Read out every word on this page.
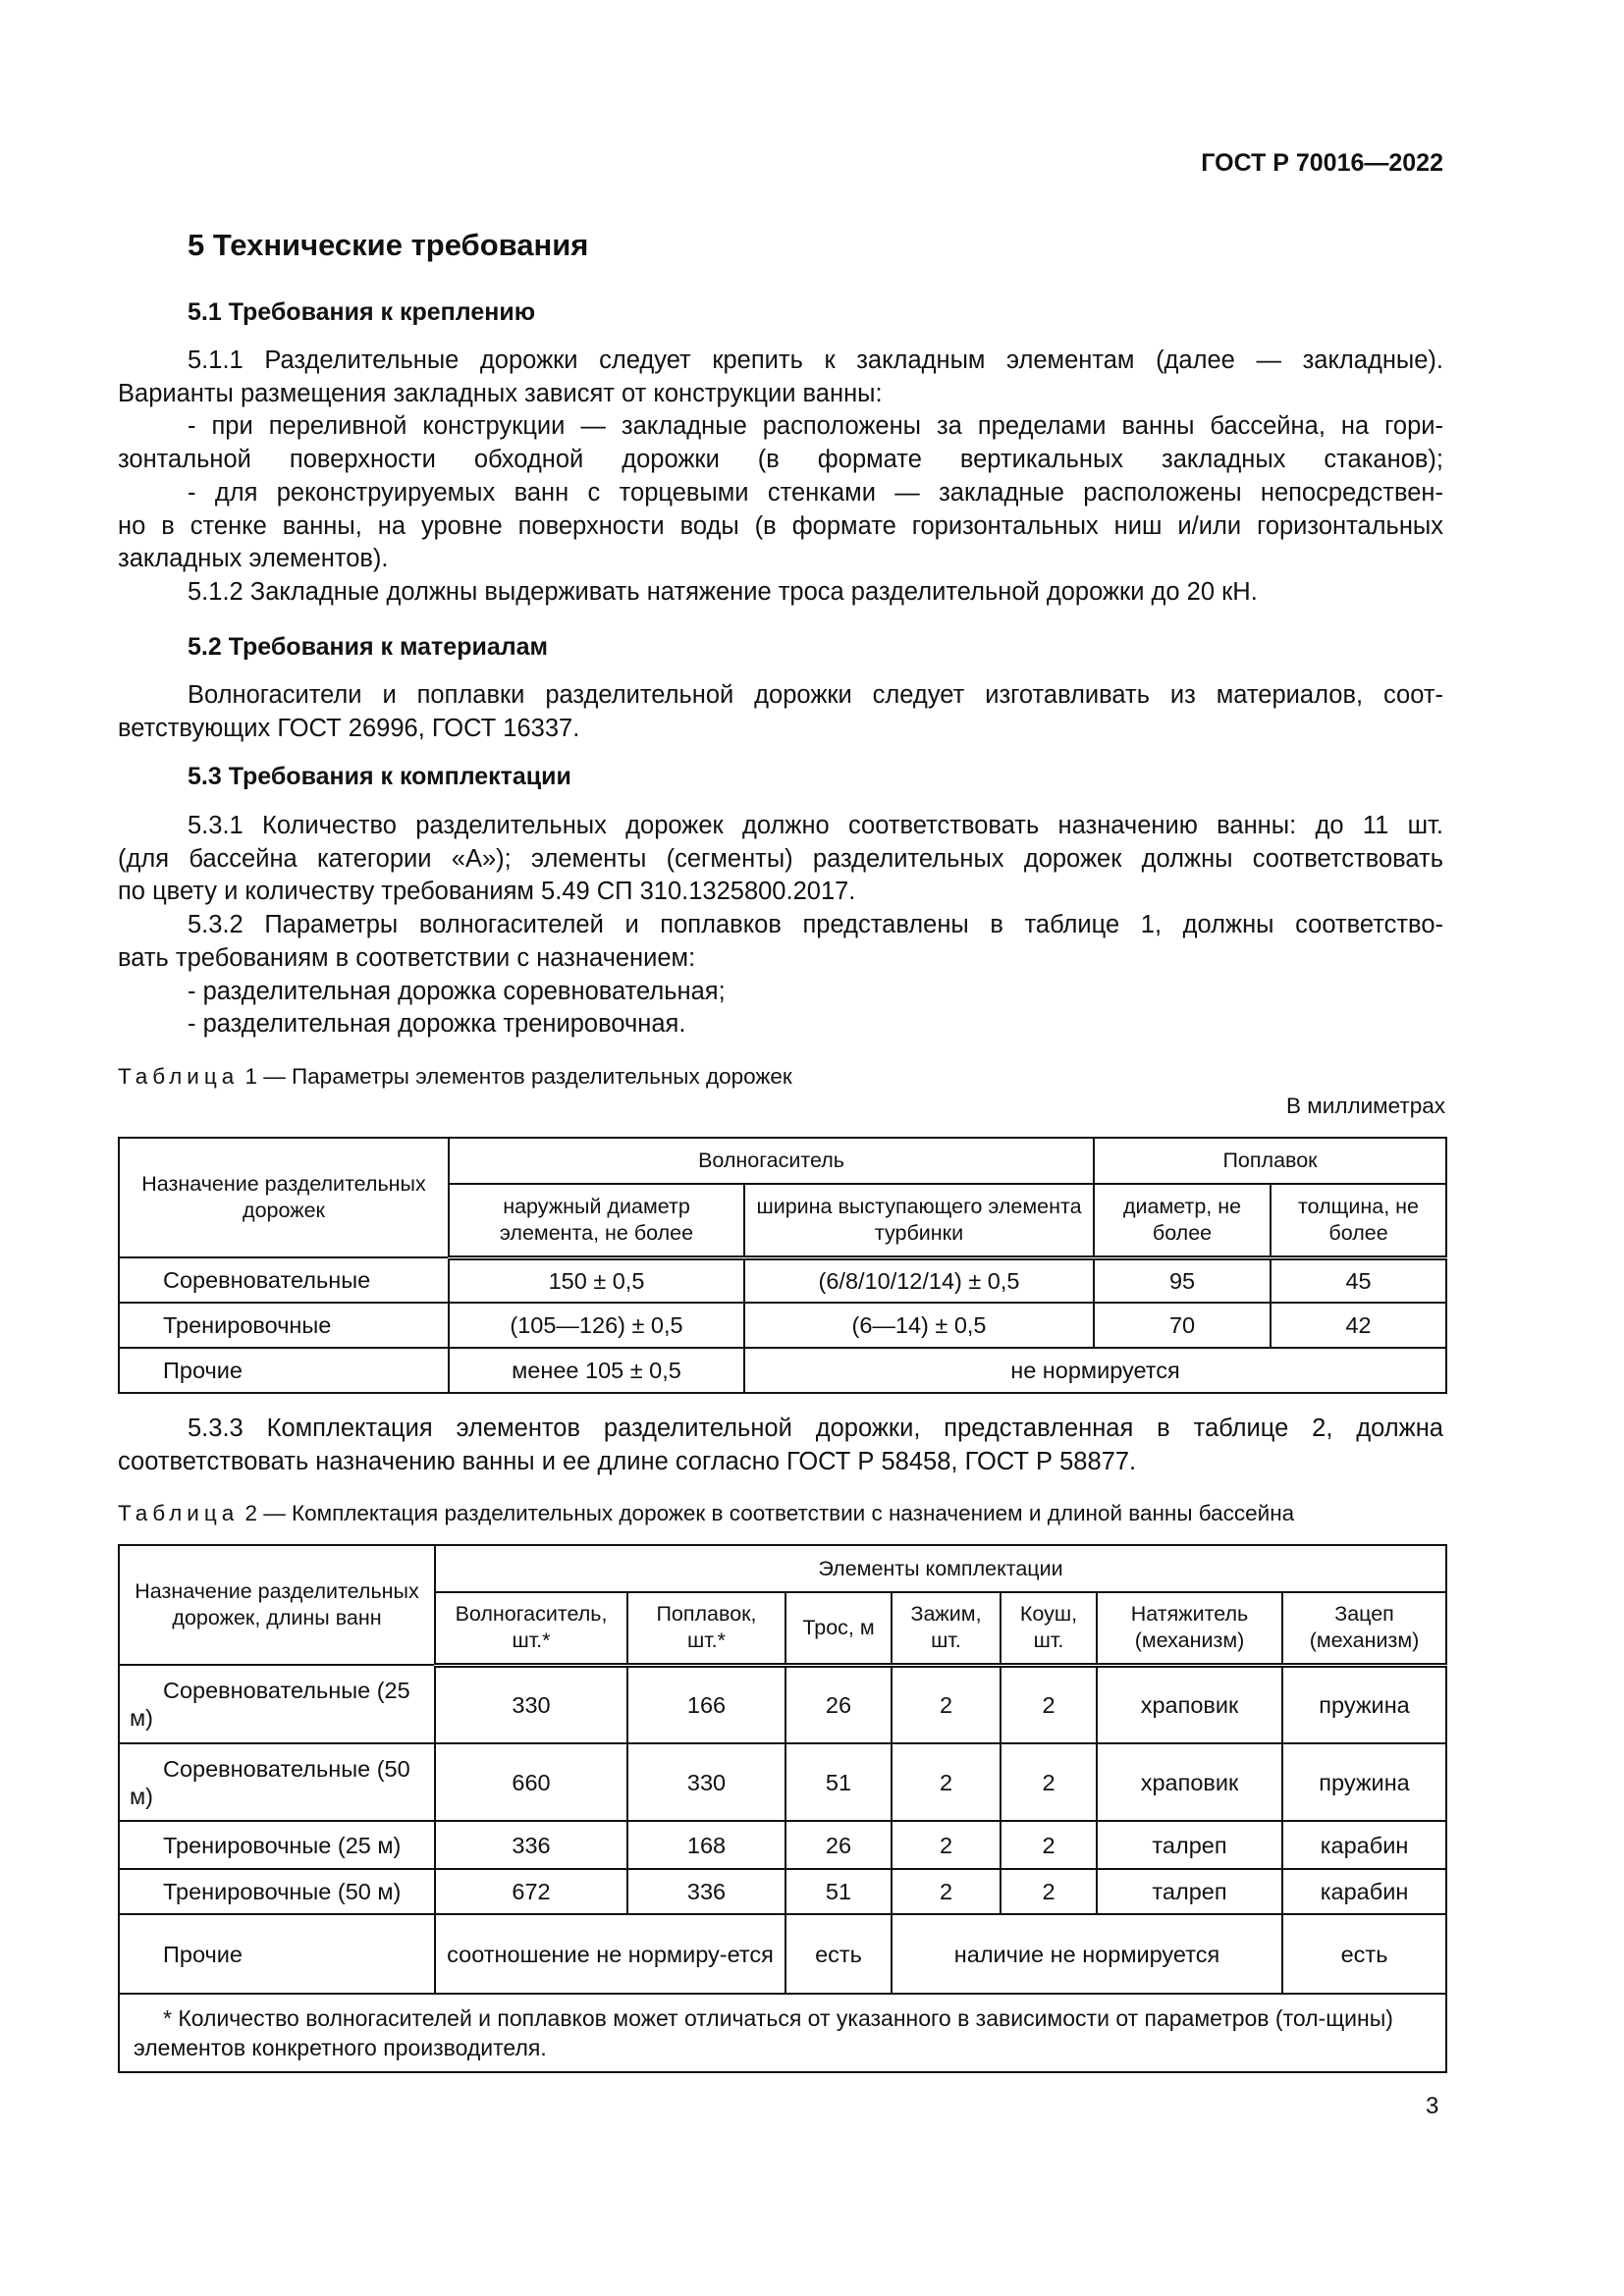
ГОСТ Р 70016—2022
5 Технические требования
5.1 Требования к креплению
5.1.1 Разделительные дорожки следует крепить к закладным элементам (далее — закладные).
Варианты размещения закладных зависят от конструкции ванны:
- при переливной конструкции — закладные расположены за пределами ванны бассейна, на гори-
зонтальной поверхности обходной дорожки (в формате вертикальных закладных стаканов);
- для реконструируемых ванн с торцевыми стенками — закладные расположены непосредствен-
но в стенке ванны, на уровне поверхности воды (в формате горизонтальных ниш и/или горизонтальных
закладных элементов).
5.1.2 Закладные должны выдерживать натяжение троса разделительной дорожки до 20 кН.
5.2 Требования к материалам
Волногасители и поплавки разделительной дорожки следует изготавливать из материалов, соот-
ветствующих ГОСТ 26996, ГОСТ 16337.
5.3 Требования к комплектации
5.3.1 Количество разделительных дорожек должно соответствовать назначению ванны: до 11 шт.
(для бассейна категории «А»); элементы (сегменты) разделительных дорожек должны соответствовать
по цвету и количеству требованиям 5.49 СП 310.1325800.2017.
5.3.2 Параметры волногасителей и поплавков представлены в таблице 1, должны соответство-
вать требованиям в соответствии с назначением:
- разделительная дорожка соревновательная;
- разделительная дорожка тренировочная.
Таблица 1 — Параметры элементов разделительных дорожек
В миллиметрах
Назначение разделительных дорожек	Волногаситель		Поплавок	
	наружный диаметр элемента, не более	ширина выступающего элемента турбинки	диаметр, не более	толщина, не более
Соревновательные	150 ± 0,5	(6/8/10/12/14) ± 0,5	95	45
Тренировочные	(105—126) ± 0,5	(6—14) ± 0,5	70	42
Прочие	менее 105 ± 0,5	не нормируется		
5.3.3 Комплектация элементов разделительной дорожки, представленная в таблице 2, должна
соответствовать назначению ванны и ее длине согласно ГОСТ Р 58458, ГОСТ Р 58877.
Таблица 2 — Комплектация разделительных дорожек в соответствии с назначением и длиной ванны бассейна
Назначение разделительных дорожек, длины ванн	Элементы комплектации						
	Волногаситель, шт.*	Поплавок, шт.*	Трос, м	Зажим, шт.	Коуш, шт.	Натяжитель (механизм)	Зацеп (механизм)
Соревновательные (25 м)	330	166	26	2	2	храповик	пружина
Соревновательные (50 м)	660	330	51	2	2	храповик	пружина
Тренировочные (25 м)	336	168	26	2	2	талреп	карабин
Тренировочные (50 м)	672	336	51	2	2	талреп	карабин
Прочие	соотношение не нормиру-ется		есть	наличие не нормируется			есть
* Количество волногасителей и поплавков может отличаться от указанного в зависимости от параметров (тол-щины) элементов конкретного производителя.							
3
